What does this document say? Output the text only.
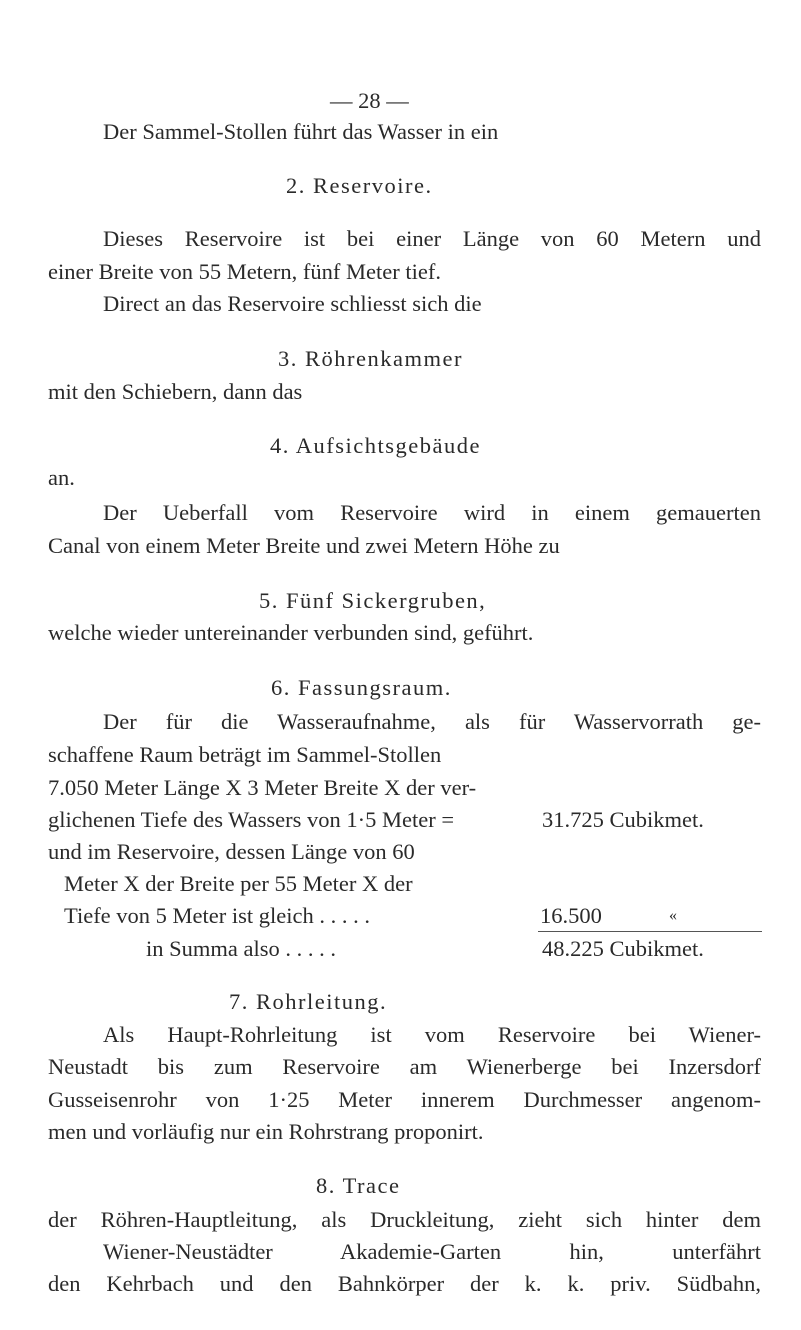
— 28 —
Der Sammel-Stollen führt das Wasser in ein
2. Reservoire.
Dieses Reservoire ist bei einer Länge von 60 Metern und
einer Breite von 55 Metern, fünf Meter tief.
Direct an das Reservoire schliesst sich die
3. Röhrenkammer
mit den Schiebern, dann das
4. Aufsichtsgebäude
an.
Der Ueberfall vom Reservoire wird in einem gemauerten
Canal von einem Meter Breite und zwei Metern Höhe zu
5. Fünf Sickergruben,
welche wieder untereinander verbunden sind, geführt.
6. Fassungsraum.
Der für die Wasseraufnahme, als für Wasservorrath ge-
schaffene Raum beträgt im Sammel-Stollen
7.050 Meter Länge X 3 Meter Breite X der ver-
glichenen Tiefe des Wassers von 1·5 Meter =	31.725 Cubikmet.
und im Reservoire, dessen Länge von 60
Meter X der Breite per 55 Meter X der
Tiefe von 5 Meter ist gleich . . . . .	16.500	«
in Summa also . . . . .	48.225 Cubikmet.
7. Rohrleitung.
Als Haupt-Rohrleitung ist vom Reservoire bei Wiener-
Neustadt bis zum Reservoire am Wienerberge bei Inzersdorf
Gusseisenrohr von 1·25 Meter innerem Durchmesser angenom-
men und vorläufig nur ein Rohrstrang proponirt.
8. Trace
der Röhren-Hauptleitung, als Druckleitung, zieht sich hinter dem
Wiener-Neustädter Akademie-Garten hin, unterfährt
den Kehrbach und den Bahnkörper der k. k. priv. Südbahn,
